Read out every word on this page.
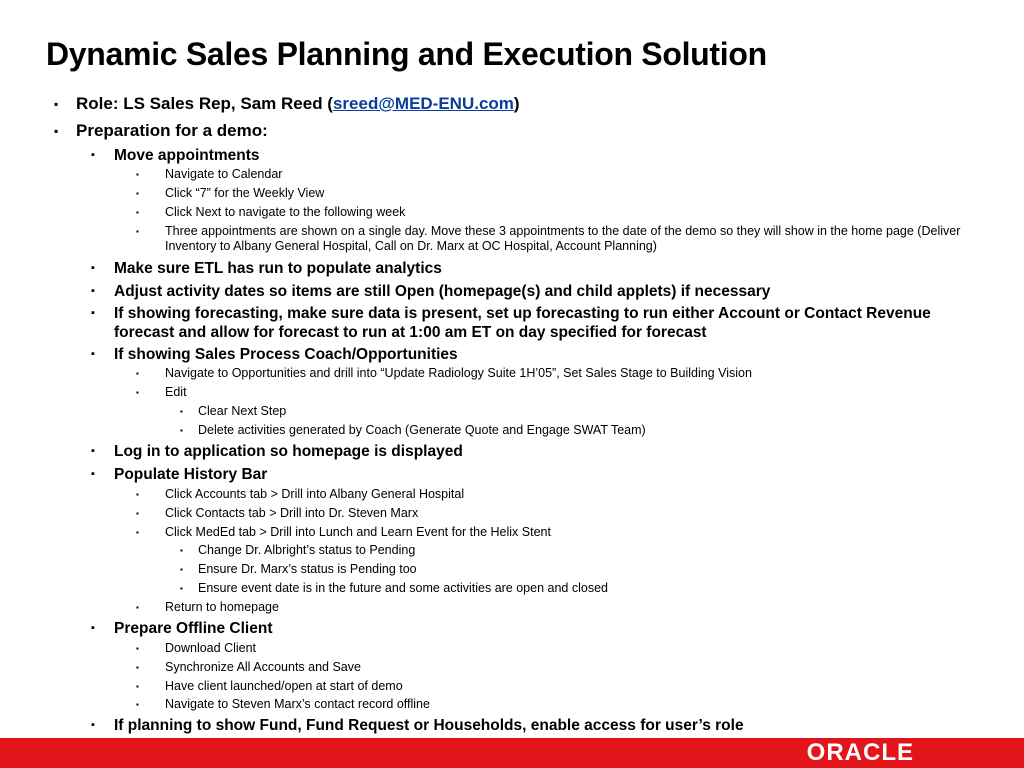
Dynamic Sales Planning and Execution Solution
▪ Role: LS Sales Rep, Sam Reed (sreed@MED-ENU.com)
▪ Preparation for a demo:
▪ Move appointments
▪ Navigate to Calendar
▪ Click “7” for the Weekly View
▪ Click Next to navigate to the following week
▪ Three appointments are shown on a single day. Move these 3 appointments to the date of the demo so they will show in the home page (Deliver Inventory to Albany General Hospital, Call on Dr. Marx at OC Hospital, Account Planning)
▪ Make sure ETL has run to populate analytics
▪ Adjust activity dates so items are still Open (homepage(s) and child applets) if necessary
▪ If showing forecasting, make sure data is present, set up forecasting to run either Account or Contact Revenue forecast and allow for forecast to run at 1:00 am ET on day specified for forecast
▪ If showing Sales Process Coach/Opportunities
▪ Navigate to Opportunities and drill into “Update Radiology Suite 1H’05”, Set Sales Stage to Building Vision
▪ Edit
▪ Clear Next Step
▪ Delete activities generated by Coach (Generate Quote and Engage SWAT Team)
▪ Log in to application so homepage is displayed
▪ Populate History Bar
▪ Click Accounts tab > Drill into Albany General Hospital
▪ Click Contacts tab > Drill into Dr. Steven Marx
▪ Click MedEd tab > Drill into Lunch and Learn Event for the Helix Stent
▪ Change Dr. Albright’s status to Pending
▪ Ensure Dr. Marx’s status is Pending too
▪ Ensure event date is in the future and some activities are open and closed
▪ Return to homepage
▪ Prepare Offline Client
▪ Download Client
▪ Synchronize All Accounts and Save
▪ Have client launched/open at start of demo
▪ Navigate to Steven Marx’s contact record offline
▪ If planning to show Fund, Fund Request or Households, enable access for user’s role
ORACLE
